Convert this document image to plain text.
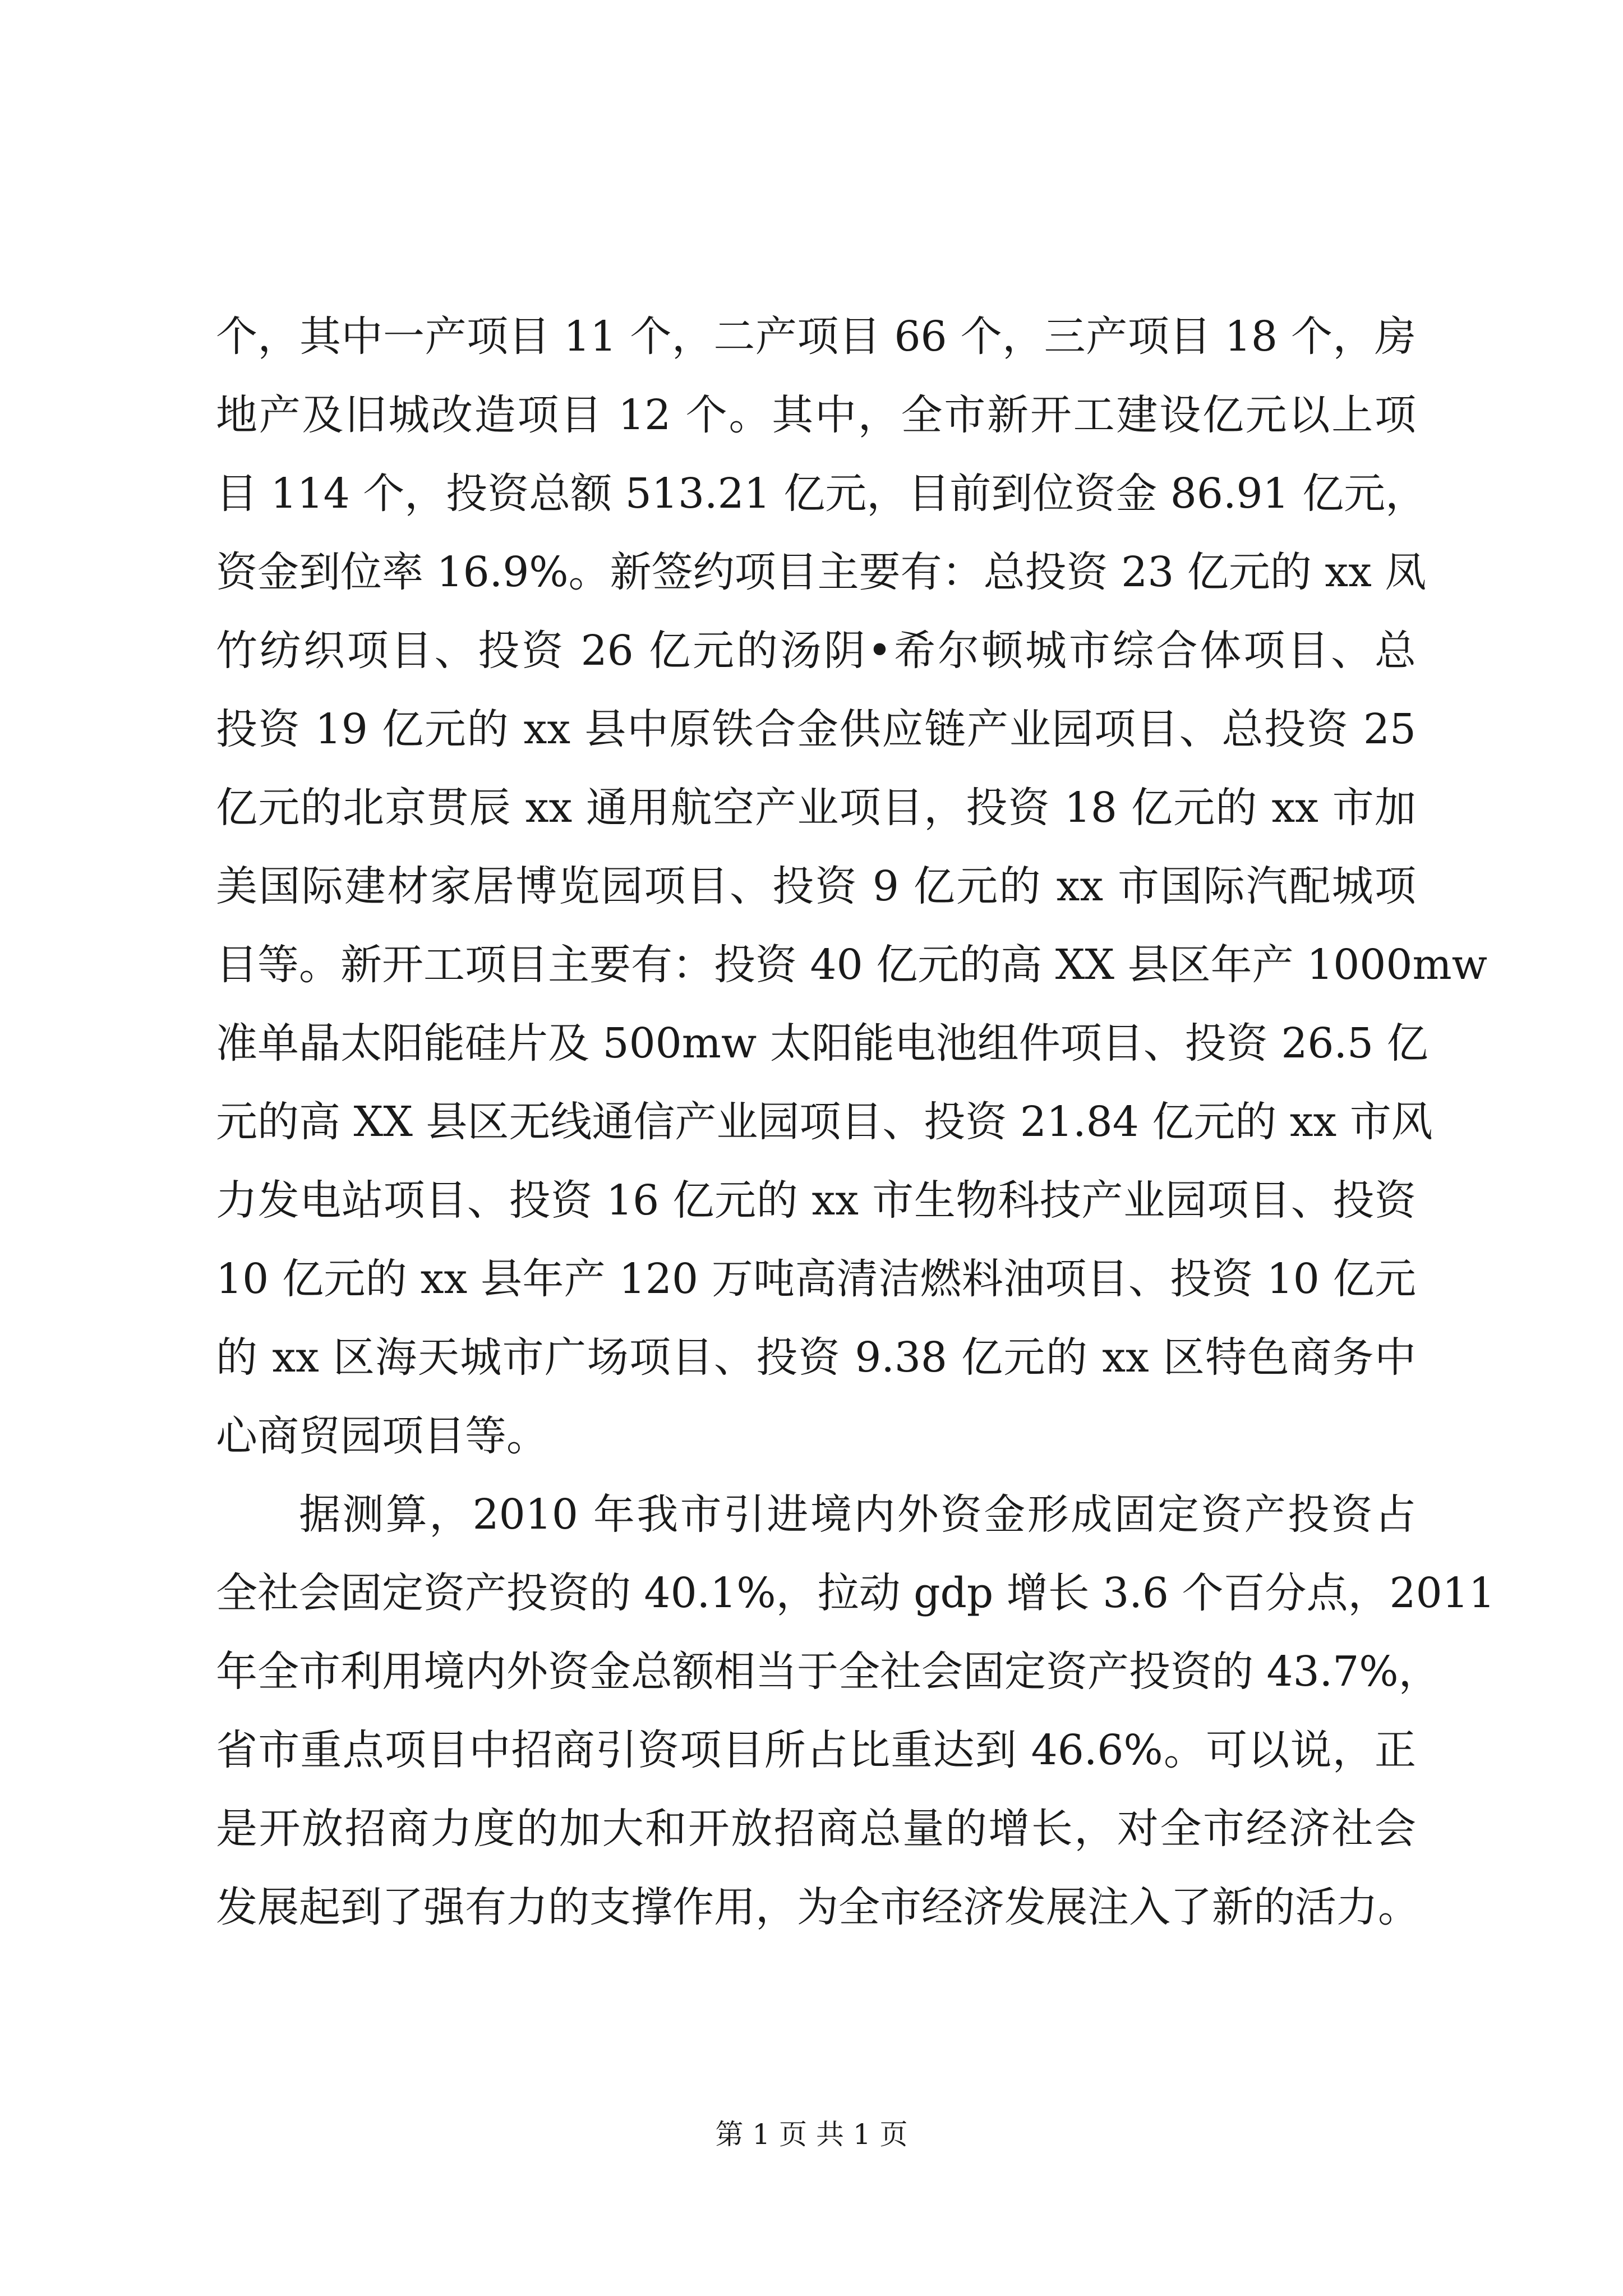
个，其中一产项目 11 个，二产项目 66 个，三产项目 18 个，房
地产及旧城改造项目 12 个。其中，全市新开工建设亿元以上项
目 114 个，投资总额 513.21 亿元，目前到位资金 86.91 亿元，
资金到位率 16.9%。新签约项目主要有：总投资 23 亿元的 xx 凤
竹纺织项目、投资 26 亿元的汤阴•希尔顿城市综合体项目、总
投资 19 亿元的 xx 县中原铁合金供应链产业园项目、总投资 25
亿元的北京贯辰 xx 通用航空产业项目，投资 18 亿元的 xx 市加
美国际建材家居博览园项目、投资 9 亿元的 xx 市国际汽配城项
目等。新开工项目主要有：投资 40 亿元的高 XX 县区年产 1000mw
准单晶太阳能硅片及 500mw 太阳能电池组件项目、投资 26.5 亿
元的高 XX 县区无线通信产业园项目、投资 21.84 亿元的 xx 市风
力发电站项目、投资 16 亿元的 xx 市生物科技产业园项目、投资
10 亿元的 xx 县年产 120 万吨高清洁燃料油项目、投资 10 亿元
的 xx 区海天城市广场项目、投资 9.38 亿元的 xx 区特色商务中
心商贸园项目等。
据测算，2010 年我市引进境内外资金形成固定资产投资占
全社会固定资产投资的 40.1%，拉动 gdp 增长 3.6 个百分点，2011
年全市利用境内外资金总额相当于全社会固定资产投资的 43.7%，
省市重点项目中招商引资项目所占比重达到 46.6%。可以说，正
是开放招商力度的加大和开放招商总量的增长，对全市经济社会
发展起到了强有力的支撑作用，为全市经济发展注入了新的活力。
第 1 页 共 1 页
